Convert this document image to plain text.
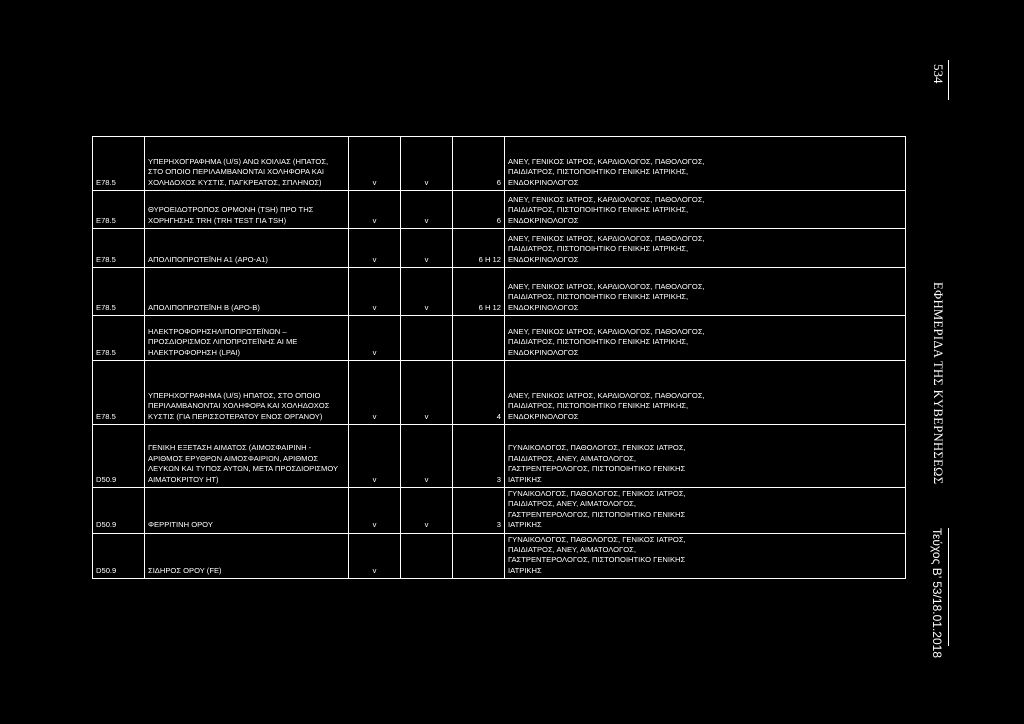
E78.5	ΥΠΕΡΗΧΟΓΡΑΦΗΜΑ (U/S) ΑΝΩ ΚΟΙΛΙΑΣ (ΗΠΑΤΟΣ, ΣΤΟ ΟΠΟΙΟ ΠΕΡΙΛΑΜΒΑΝΟΝΤΑΙ ΧΟΛΗΦΟΡΑ ΚΑΙ ΧΟΛΗΔΟΧΟΣ ΚΥΣΤΙΣ, ΠΑΓΚΡΕΑΤΟΣ, ΣΠΛΗΝΟΣ)	v	v	6	ΑΝΕΥ, ΓΕΝΙΚΟΣ ΙΑΤΡΟΣ, ΚΑΡΔΙΟΛΟΓΟΣ, ΠΑΘΟΛΟΓΟΣ, ΠΑΙΔΙΑΤΡΟΣ, ΠΙΣΤΟΠΟΙΗΤΙΚΟ ΓΕΝΙΚΗΣ ΙΑΤΡΙΚΗΣ, ΕΝΔΟΚΡΙΝΟΛΟΓΟΣ

E78.5	ΘΥΡΟΕΙΔΟΤΡΟΠΟΣ ΟΡΜΟΝΗ (TSH) ΠΡΟ ΤΗΣ ΧΟΡΗΓΗΣΗΣ TRH (TRH TEST ΓΙΑ TSH)	v	v	6	ΑΝΕΥ, ΓΕΝΙΚΟΣ ΙΑΤΡΟΣ, ΚΑΡΔΙΟΛΟΓΟΣ, ΠΑΘΟΛΟΓΟΣ, ΠΑΙΔΙΑΤΡΟΣ, ΠΙΣΤΟΠΟΙΗΤΙΚΟ ΓΕΝΙΚΗΣ ΙΑΤΡΙΚΗΣ, ΕΝΔΟΚΡΙΝΟΛΟΓΟΣ

E78.5	ΑΠΟΛΙΠΟΠΡΩΤΕΪΝΗ Α1 (ΑΡΟ-Α1)	v	v	6 Η 12	ΑΝΕΥ, ΓΕΝΙΚΟΣ ΙΑΤΡΟΣ, ΚΑΡΔΙΟΛΟΓΟΣ, ΠΑΘΟΛΟΓΟΣ, ΠΑΙΔΙΑΤΡΟΣ, ΠΙΣΤΟΠΟΙΗΤΙΚΟ ΓΕΝΙΚΗΣ ΙΑΤΡΙΚΗΣ, ΕΝΔΟΚΡΙΝΟΛΟΓΟΣ

E78.5	ΑΠΟΛΙΠΟΠΡΩΤΕΪΝΗ Β (ΑΡΟ-Β)	v	v	6 Η 12	ΑΝΕΥ, ΓΕΝΙΚΟΣ ΙΑΤΡΟΣ, ΚΑΡΔΙΟΛΟΓΟΣ, ΠΑΘΟΛΟΓΟΣ, ΠΑΙΔΙΑΤΡΟΣ, ΠΙΣΤΟΠΟΙΗΤΙΚΟ ΓΕΝΙΚΗΣ ΙΑΤΡΙΚΗΣ, ΕΝΔΟΚΡΙΝΟΛΟΓΟΣ

E78.5	ΗΛΕΚΤΡΟΦΟΡΗΣΗΛΙΠΟΠΡΩΤΕΪΝΩΝ – ΠΡΟΣΔΙΟΡΙΣΜΟΣ ΛΙΠΟΠΡΩΤΕΪΝΗΣ ΑΙ ΜΕ ΗΛΕΚΤΡΟΦΟΡΗΣΗ (LPAI)	v			ΑΝΕΥ, ΓΕΝΙΚΟΣ ΙΑΤΡΟΣ, ΚΑΡΔΙΟΛΟΓΟΣ, ΠΑΘΟΛΟΓΟΣ, ΠΑΙΔΙΑΤΡΟΣ, ΠΙΣΤΟΠΟΙΗΤΙΚΟ ΓΕΝΙΚΗΣ ΙΑΤΡΙΚΗΣ, ΕΝΔΟΚΡΙΝΟΛΟΓΟΣ

E78.5	ΥΠΕΡΗΧΟΓΡΑΦΗΜΑ (U/S) ΗΠΑΤΟΣ, ΣΤΟ ΟΠΟΙΟ ΠΕΡΙΛΑΜΒΑΝΟΝΤΑΙ ΧΟΛΗΦΟΡΑ ΚΑΙ ΧΟΛΗΔΟΧΟΣ ΚΥΣΤΙΣ (ΓΙΑ ΠΕΡΙΣΣΟΤΕΡΑΤΟΥ ΕΝΟΣ ΟΡΓΑΝΟΥ)	v	v	4	ΑΝΕΥ, ΓΕΝΙΚΟΣ ΙΑΤΡΟΣ, ΚΑΡΔΙΟΛΟΓΟΣ, ΠΑΘΟΛΟΓΟΣ, ΠΑΙΔΙΑΤΡΟΣ, ΠΙΣΤΟΠΟΙΗΤΙΚΟ ΓΕΝΙΚΗΣ ΙΑΤΡΙΚΗΣ, ΕΝΔΟΚΡΙΝΟΛΟΓΟΣ

D50.9	ΓΕΝΙΚΗ ΕΞΕΤΑΣΗ ΑΙΜΑΤΟΣ (ΑΙΜΟΣΦΑΙΡΙΝΗ - ΑΡΙΘΜΟΣ ΕΡΥΘΡΩΝ ΑΙΜΟΣΦΑΙΡΙΩΝ, ΑΡΙΘΜΟΣ ΛΕΥΚΩΝ ΚΑΙ ΤΥΠΟΣ ΑΥΤΩΝ, ΜΕΤΑ ΠΡΟΣΔΙΟΡΙΣΜΟΥ ΑΙΜΑΤΟΚΡΙΤΟΥ ΗΤ)	v	v	3	ΓΥΝΑΙΚΟΛΟΓΟΣ, ΠΑΘΟΛΟΓΟΣ, ΓΕΝΙΚΟΣ ΙΑΤΡΟΣ, ΠΑΙΔΙΑΤΡΟΣ, ΑΝΕΥ, ΑΙΜΑΤΟΛΟΓΟΣ, ΓΑΣΤΡΕΝΤΕΡΟΛΟΓΟΣ, ΠΙΣΤΟΠΟΙΗΤΙΚΟ ΓΕΝΙΚΗΣ ΙΑΤΡΙΚΗΣ

D50.9	ΦΕΡΡΙΤΙΝΗ ΟΡΟΥ	v	v	3	ΓΥΝΑΙΚΟΛΟΓΟΣ, ΠΑΘΟΛΟΓΟΣ, ΓΕΝΙΚΟΣ ΙΑΤΡΟΣ, ΠΑΙΔΙΑΤΡΟΣ, ΑΝΕΥ, ΑΙΜΑΤΟΛΟΓΟΣ, ΓΑΣΤΡΕΝΤΕΡΟΛΟΓΟΣ, ΠΙΣΤΟΠΟΙΗΤΙΚΟ ΓΕΝΙΚΗΣ ΙΑΤΡΙΚΗΣ

D50.9	ΣΙΔΗΡΟΣ ΟΡΟΥ (FE)	v			ΓΥΝΑΙΚΟΛΟΓΟΣ, ΠΑΘΟΛΟΓΟΣ, ΓΕΝΙΚΟΣ ΙΑΤΡΟΣ, ΠΑΙΔΙΑΤΡΟΣ, ΑΝΕΥ, ΑΙΜΑΤΟΛΟΓΟΣ, ΓΑΣΤΡΕΝΤΕΡΟΛΟΓΟΣ, ΠΙΣΤΟΠΟΙΗΤΙΚΟ ΓΕΝΙΚΗΣ ΙΑΤΡΙΚΗΣ
534
ΕΦΗΜΕΡΙΔΑ ΤΗΣ ΚΥΒΕΡΝΗΣΕΩΣ
Τεύχος Β’ 53/18.01.2018
